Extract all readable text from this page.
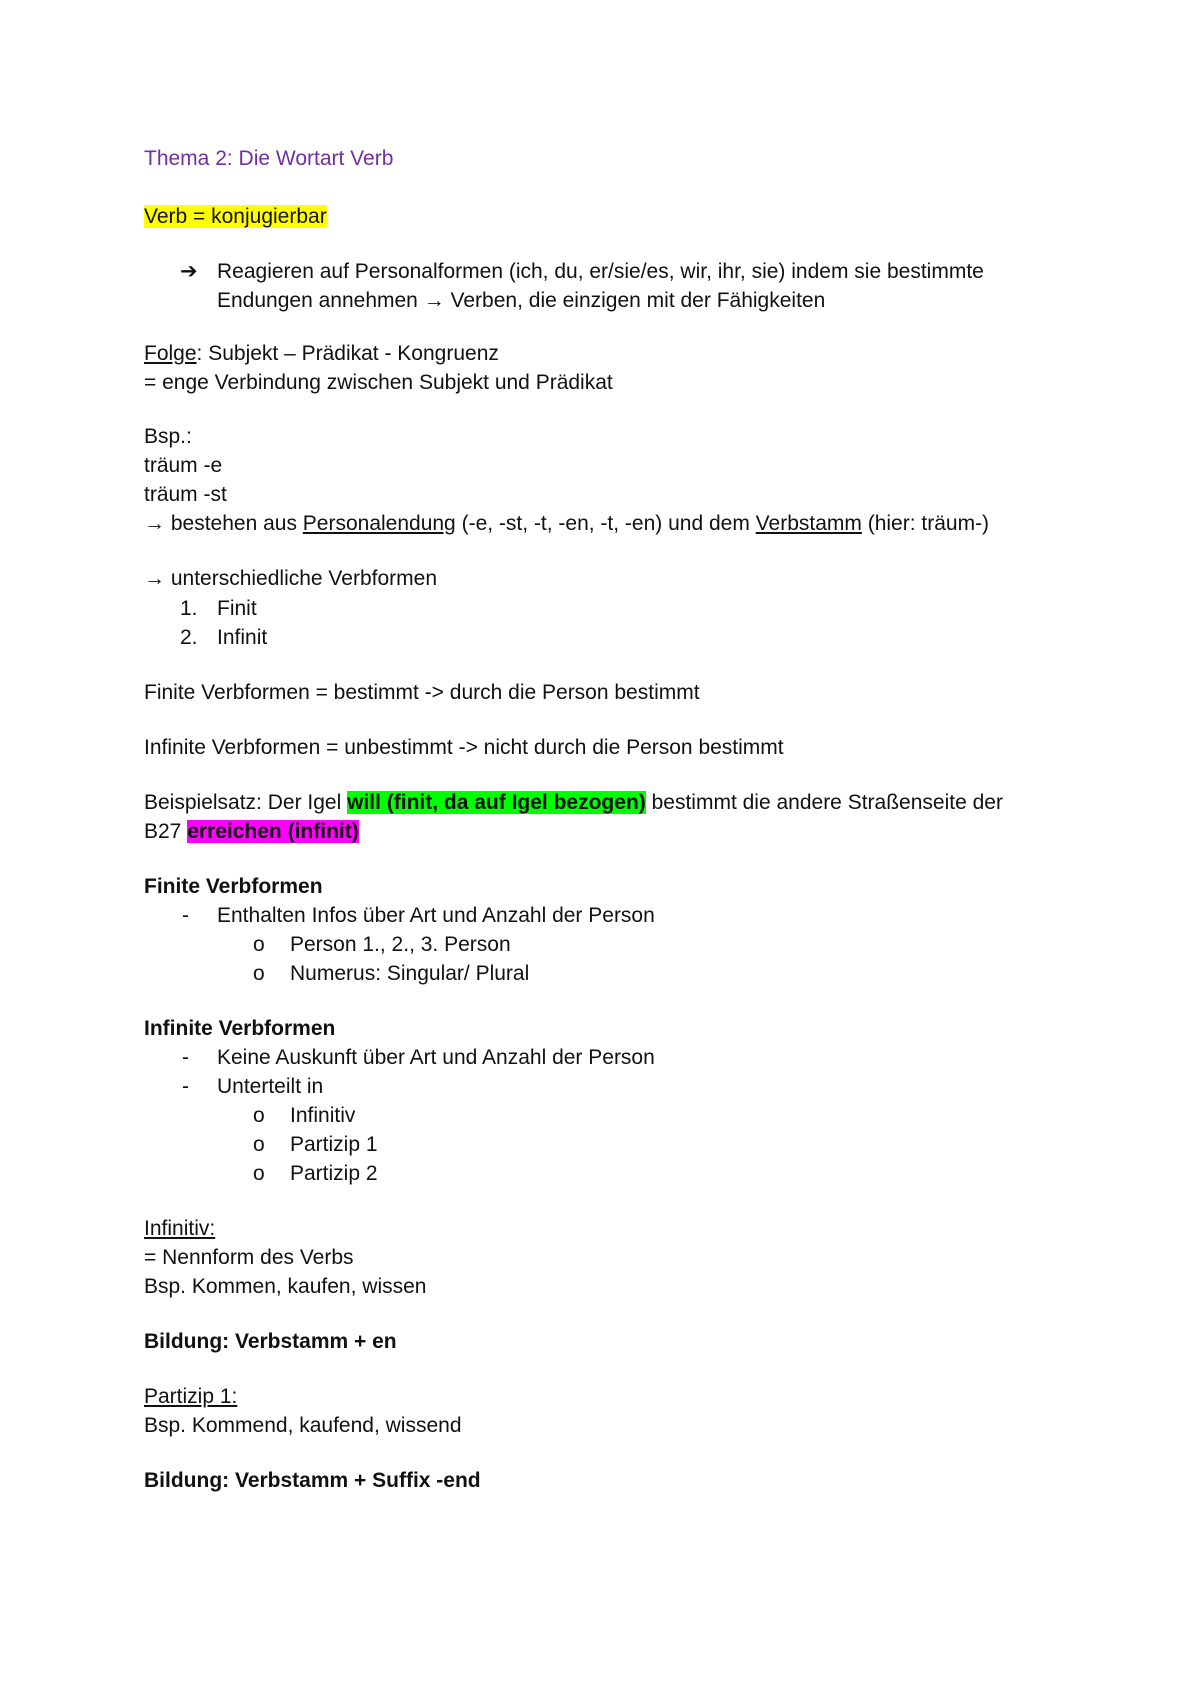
Thema 2: Die Wortart Verb
Verb = konjugierbar
➔ Reagieren auf Personalformen (ich, du, er/sie/es, wir, ihr, sie) indem sie bestimmte
Endungen annehmen → Verben, die einzigen mit der Fähigkeiten
Folge: Subjekt – Prädikat - Kongruenz
= enge Verbindung zwischen Subjekt und Prädikat
Bsp.:
träum -e
träum -st
→ bestehen aus Personalendung (-e, -st, -t, -en, -t, -en) und dem Verbstamm (hier: träum-)
→ unterschiedliche Verbformen
1. Finit
2. Infinit
Finite Verbformen = bestimmt -> durch die Person bestimmt
Infinite Verbformen = unbestimmt -> nicht durch die Person bestimmt
Beispielsatz: Der Igel will (finit, da auf Igel bezogen) bestimmt die andere Straßenseite der
B27 erreichen (infinit)
Finite Verbformen
- Enthalten Infos über Art und Anzahl der Person
o Person 1., 2., 3. Person
o Numerus: Singular/ Plural
Infinite Verbformen
- Keine Auskunft über Art und Anzahl der Person
- Unterteilt in
o Infinitiv
o Partizip 1
o Partizip 2
Infinitiv:
= Nennform des Verbs
Bsp. Kommen, kaufen, wissen
Bildung: Verbstamm + en
Partizip 1:
Bsp. Kommend, kaufend, wissend
Bildung: Verbstamm + Suffix -end
